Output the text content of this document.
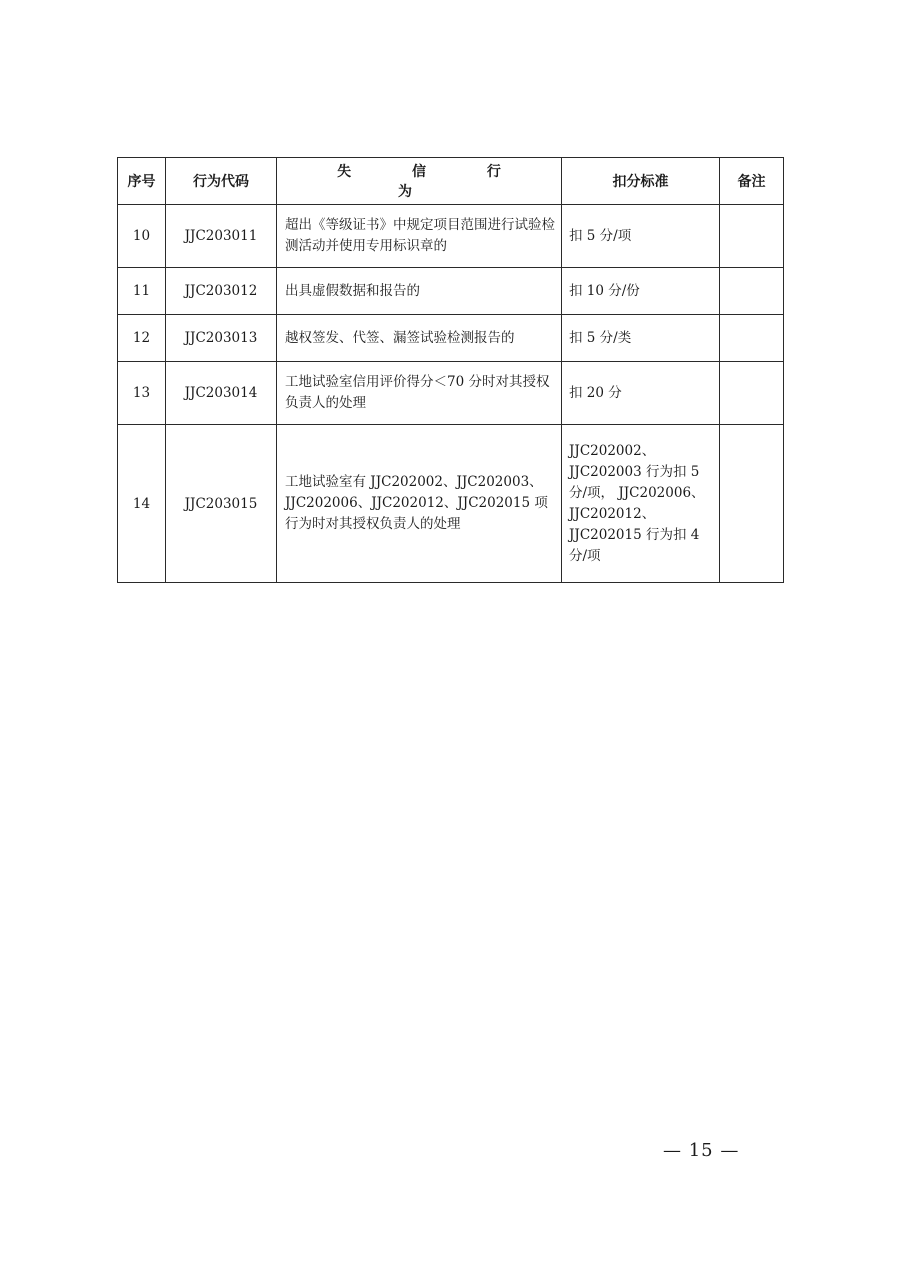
序号	行为代码	失 信 行 为	扣分标准	备注
10	JJC203011	超出《等级证书》中规定项目范围进行试验检测活动并使用专用标识章的	扣 5 分/项	
11	JJC203012	出具虚假数据和报告的	扣 10 分/份	
12	JJC203013	越权签发、代签、漏签试验检测报告的	扣 5 分/类	
13	JJC203014	工地试验室信用评价得分＜70 分时对其授权负责人的处理	扣 20 分	
14	JJC203015	工地试验室有 JJC202002、JJC202003、JJC202006、JJC202012、JJC202015 项行为时对其授权负责人的处理	JJC202002、JJC202003 行为扣 5 分/项， JJC202006、JJC202012、JJC202015 行为扣 4 分/项	
— 15 —
